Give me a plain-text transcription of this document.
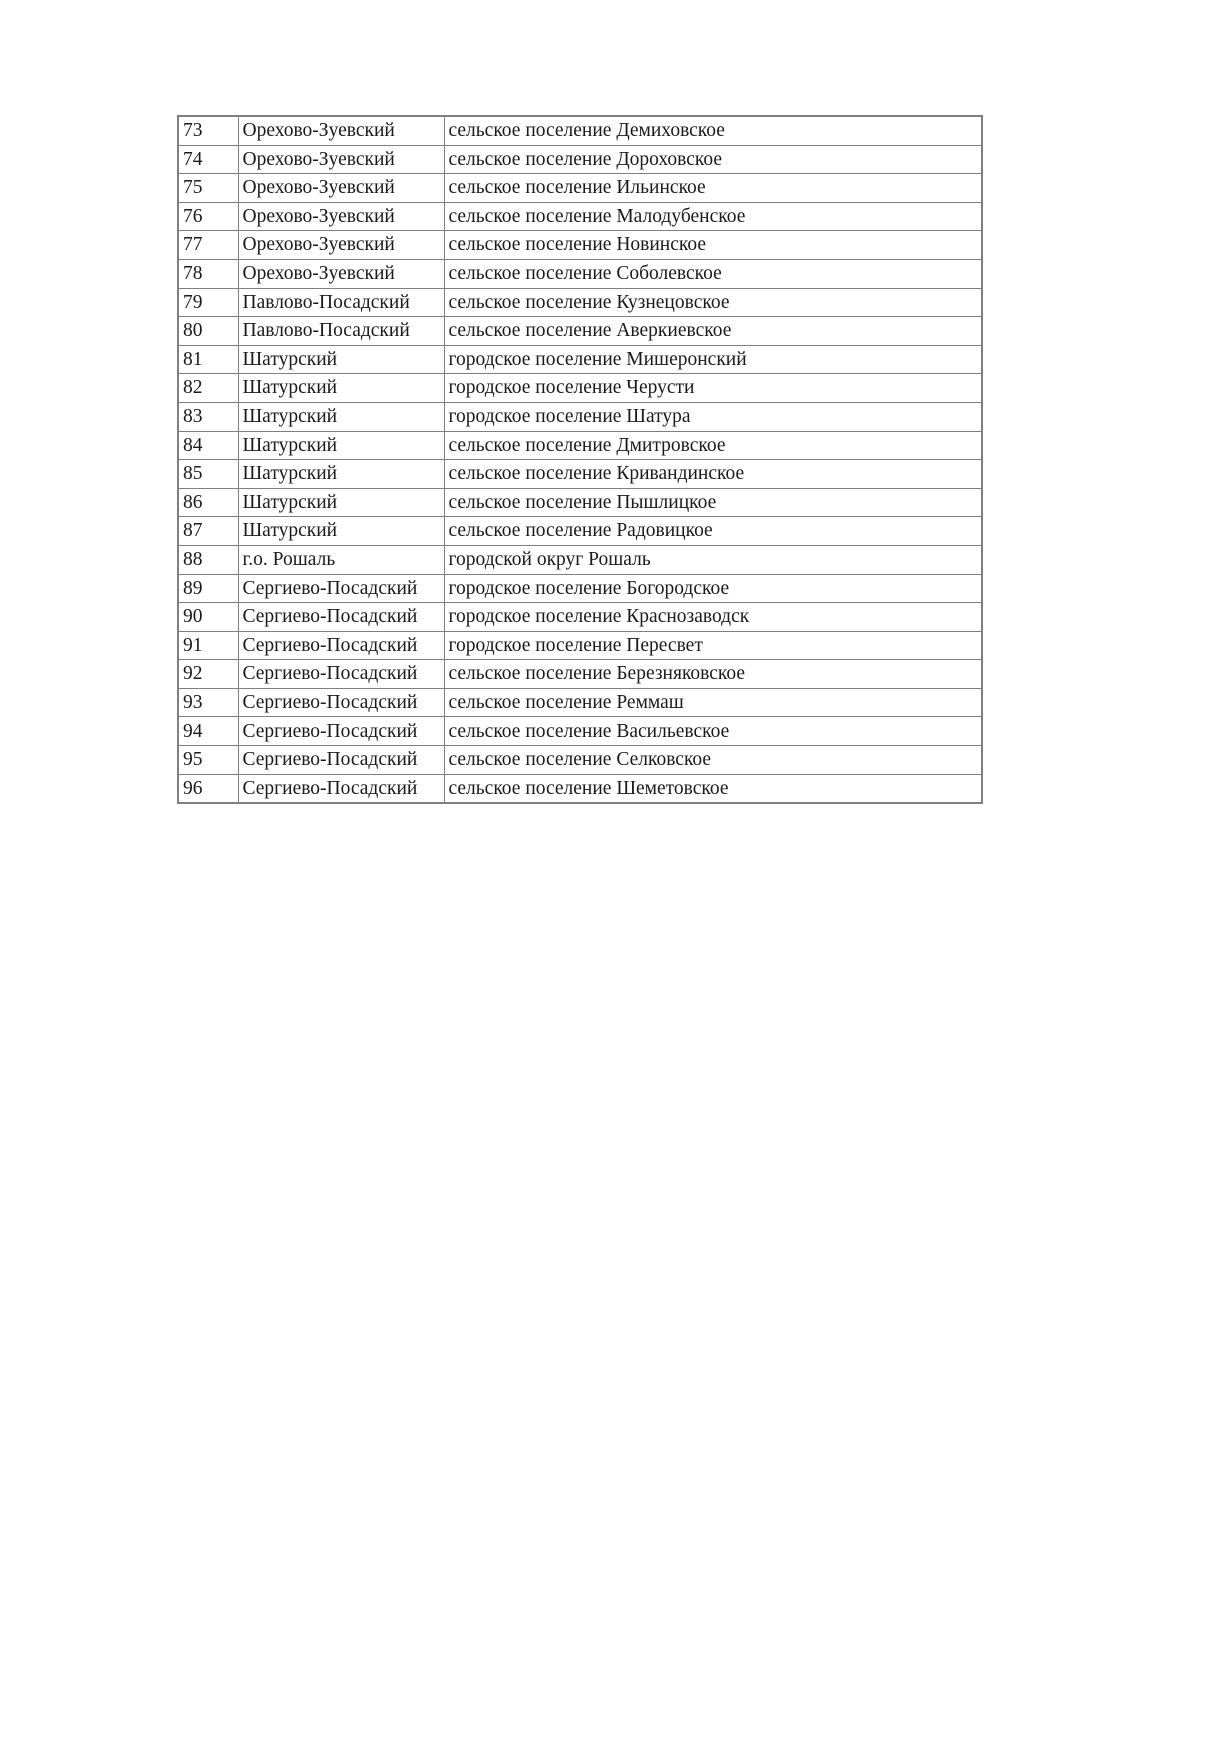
73	Орехово-Зуевский	сельское поселение Демиховское
74	Орехово-Зуевский	сельское поселение Дороховское
75	Орехово-Зуевский	сельское поселение Ильинское
76	Орехово-Зуевский	сельское поселение Малодубенское
77	Орехово-Зуевский	сельское поселение Новинское
78	Орехово-Зуевский	сельское поселение Соболевское
79	Павлово-Посадский	сельское поселение Кузнецовское
80	Павлово-Посадский	сельское поселение Аверкиевское
81	Шатурский	городское поселение Мишеронский
82	Шатурский	городское поселение Черусти
83	Шатурский	городское поселение Шатура
84	Шатурский	сельское поселение Дмитровское
85	Шатурский	сельское поселение Кривандинское
86	Шатурский	сельское поселение Пышлицкое
87	Шатурский	сельское поселение Радовицкое
88	г.о. Рошаль	городской округ Рошаль
89	Сергиево-Посадский	городское поселение Богородское
90	Сергиево-Посадский	городское поселение Краснозаводск
91	Сергиево-Посадский	городское поселение Пересвет
92	Сергиево-Посадский	сельское поселение Березняковское
93	Сергиево-Посадский	сельское поселение Реммаш
94	Сергиево-Посадский	сельское поселение Васильевское
95	Сергиево-Посадский	сельское поселение Селковское
96	Сергиево-Посадский	сельское поселение Шеметовское
